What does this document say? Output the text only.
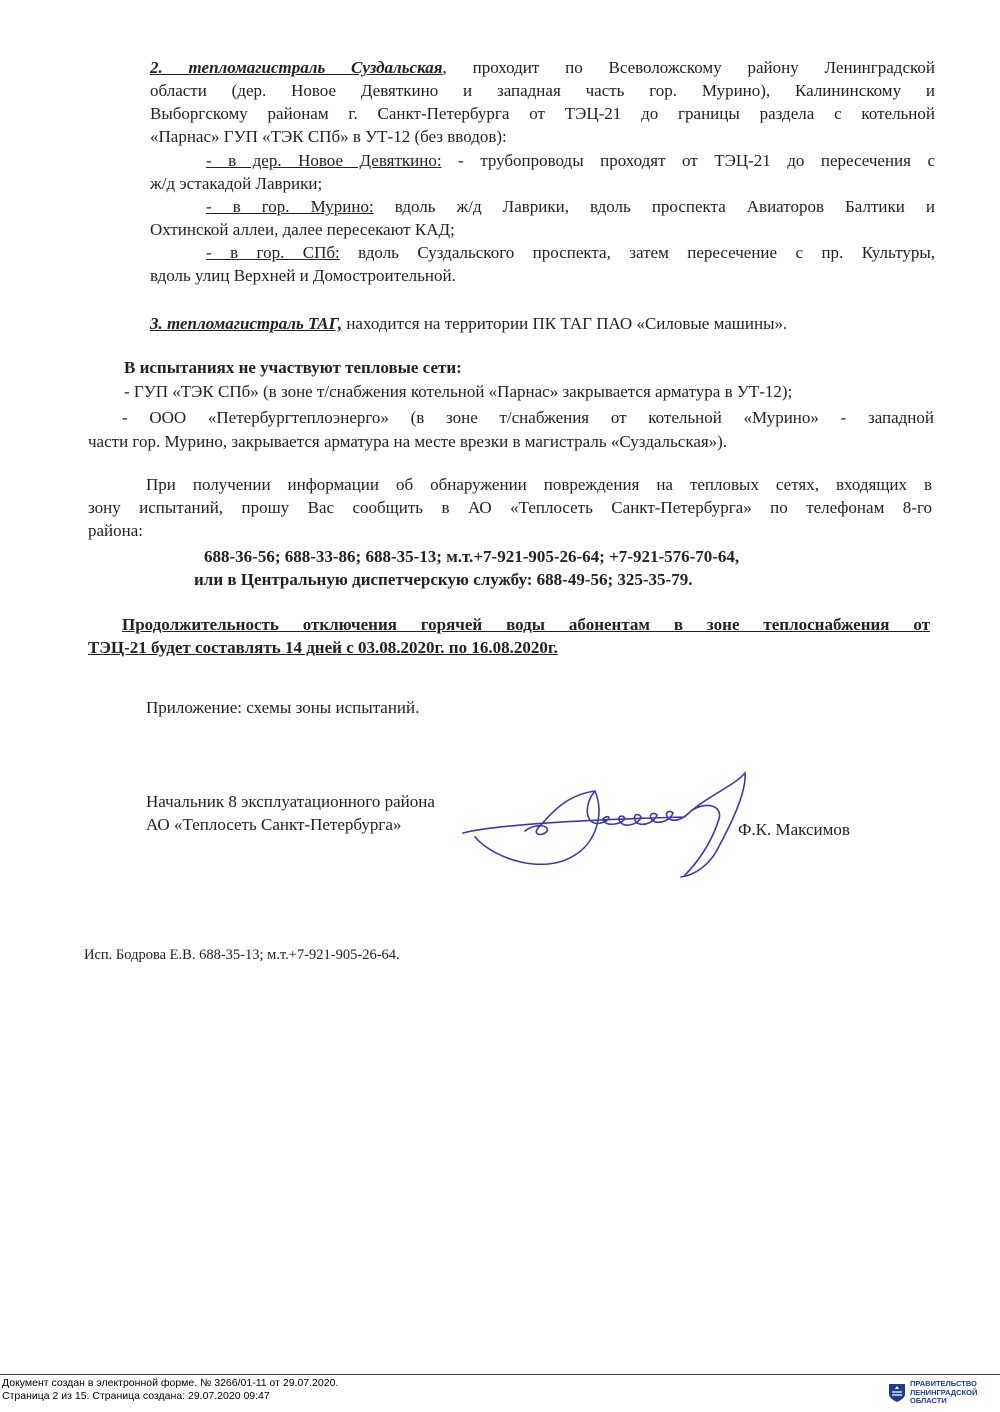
2. тепломагистраль Суздальская, проходит по Всеволожскому району Ленинградской

области (дер. Новое Девяткино и западная часть гор. Мурино), Калининскому и

Выборгскому районам г. Санкт-Петербурга от ТЭЦ-21 до границы раздела с котельной

«Парнас» ГУП «ТЭК СПб» в УТ-12 (без вводов):

- в дер. Новое Девяткино: - трубопроводы проходят от ТЭЦ-21 до пересечения с

ж/д эстакадой Лаврики;

- в гор. Мурино: вдоль ж/д Лаврики, вдоль проспекта Авиаторов Балтики и

Охтинской аллеи, далее пересекают КАД;

- в гор. СПб: вдоль Суздальского проспекта, затем пересечение с пр. Культуры,

вдоль улиц Верхней и Домостроительной.

3. тепломагистраль ТАГ, находится на территории ПК ТАГ ПАО «Силовые машины».

В испытаниях не участвуют тепловые сети:

- ГУП «ТЭК СПб» (в зоне т/снабжения котельной «Парнас» закрывается арматура в УТ-12);

- ООО «Петербургтеплоэнерго» (в зоне т/снабжения от котельной «Мурино» - западной

части гор. Мурино, закрывается арматура на месте врезки в магистраль «Суздальская»).

При получении информации об обнаружении повреждения на тепловых сетях, входящих в

зону испытаний, прошу Вас сообщить в АО «Теплосеть Санкт-Петербурга» по телефонам 8-го

района:

688-36-56; 688-33-86; 688-35-13; м.т.+7-921-905-26-64; +7-921-576-70-64,

или в Центральную диспетчерскую службу: 688-49-56; 325-35-79.

Продолжительность отключения горячей воды абонентам в зоне теплоснабжения от

ТЭЦ-21 будет составлять 14 дней с 03.08.2020г. по 16.08.2020г.

Приложение: схемы зоны испытаний.

Начальник 8 эксплуатационного района

АО «Теплосеть Санкт-Петербурга»	Ф.К. Максимов

Исп. Бодрова Е.В. 688-35-13; м.т.+7-921-905-26-64.

Документ создан в электронной форме. № 3266/01-11 от 29.07.2020.
Страница 2 из 15. Страница создана: 29.07.2020 09:47
ПРАВИТЕЛЬСТВО
ЛЕНИНГРАДСКОЙ
ОБЛАСТИ
